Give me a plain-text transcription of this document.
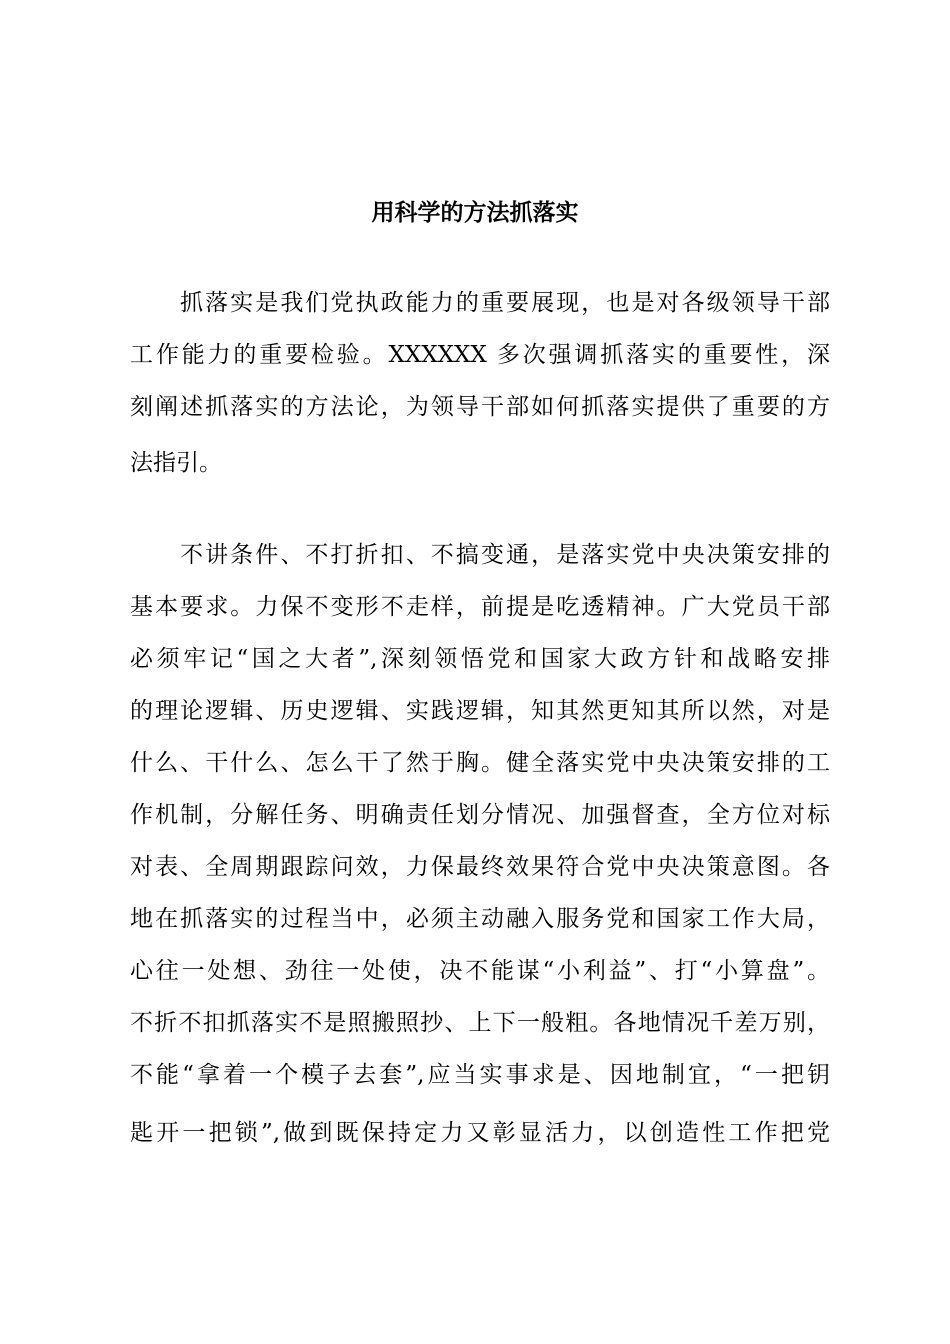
用科学的方法抓落实
抓落实是我们党执政能力的重要展现，也是对各级领导干部
工作能力的重要检验。XXXXXX 多次强调抓落实的重要性，深
刻阐述抓落实的方法论，为领导干部如何抓落实提供了重要的方
法指引。
不讲条件、不打折扣、不搞变通，是落实党中央决策安排的
基本要求。力保不变形不走样，前提是吃透精神。广大党员干部
必须牢记“国之大者”,深刻领悟党和国家大政方针和战略安排
的理论逻辑、历史逻辑、实践逻辑，知其然更知其所以然，对是
什么、干什么、怎么干了然于胸。健全落实党中央决策安排的工
作机制，分解任务、明确责任划分情况、加强督查，全方位对标
对表、全周期跟踪问效，力保最终效果符合党中央决策意图。各
地在抓落实的过程当中，必须主动融入服务党和国家工作大局，
心往一处想、劲往一处使，决不能谋“小利益”、打“小算盘”。
不折不扣抓落实不是照搬照抄、上下一般粗。各地情况千差万别，
不能“拿着一个模子去套”,应当实事求是、因地制宜，“一把钥
匙开一把锁”,做到既保持定力又彰显活力，以创造性工作把党
